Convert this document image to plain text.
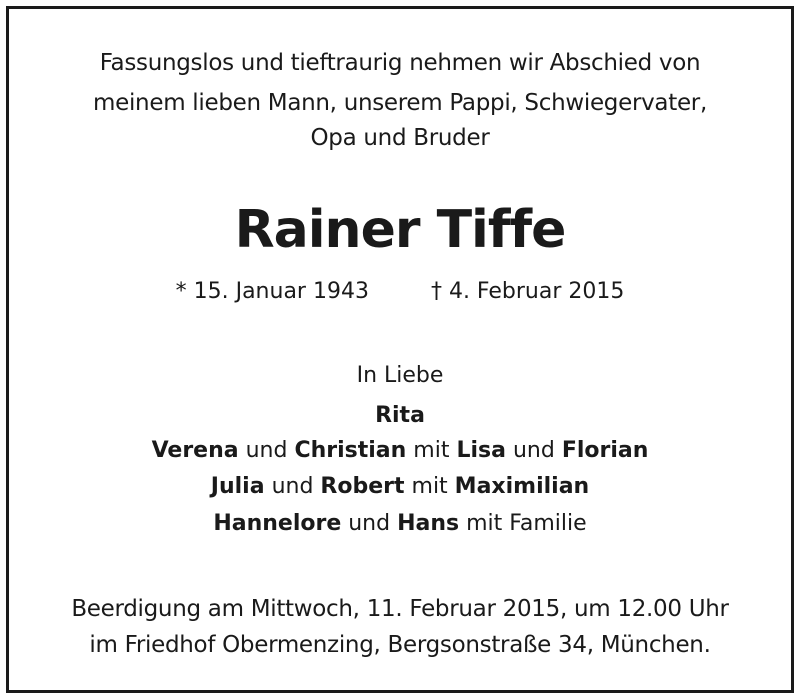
Fassungslos und tieftraurig nehmen wir Abschied von
meinem lieben Mann, unserem Pappi, Schwiegervater,
Opa und Bruder
Rainer Tiffe
* 15. Januar 1943	† 4. Februar 2015
In Liebe
Rita
Verena und Christian mit Lisa und Florian
Julia und Robert mit Maximilian
Hannelore und Hans mit Familie
Beerdigung am Mittwoch, 11. Februar 2015, um 12.00 Uhr
im Friedhof Obermenzing, Bergsonstraße 34, München.
